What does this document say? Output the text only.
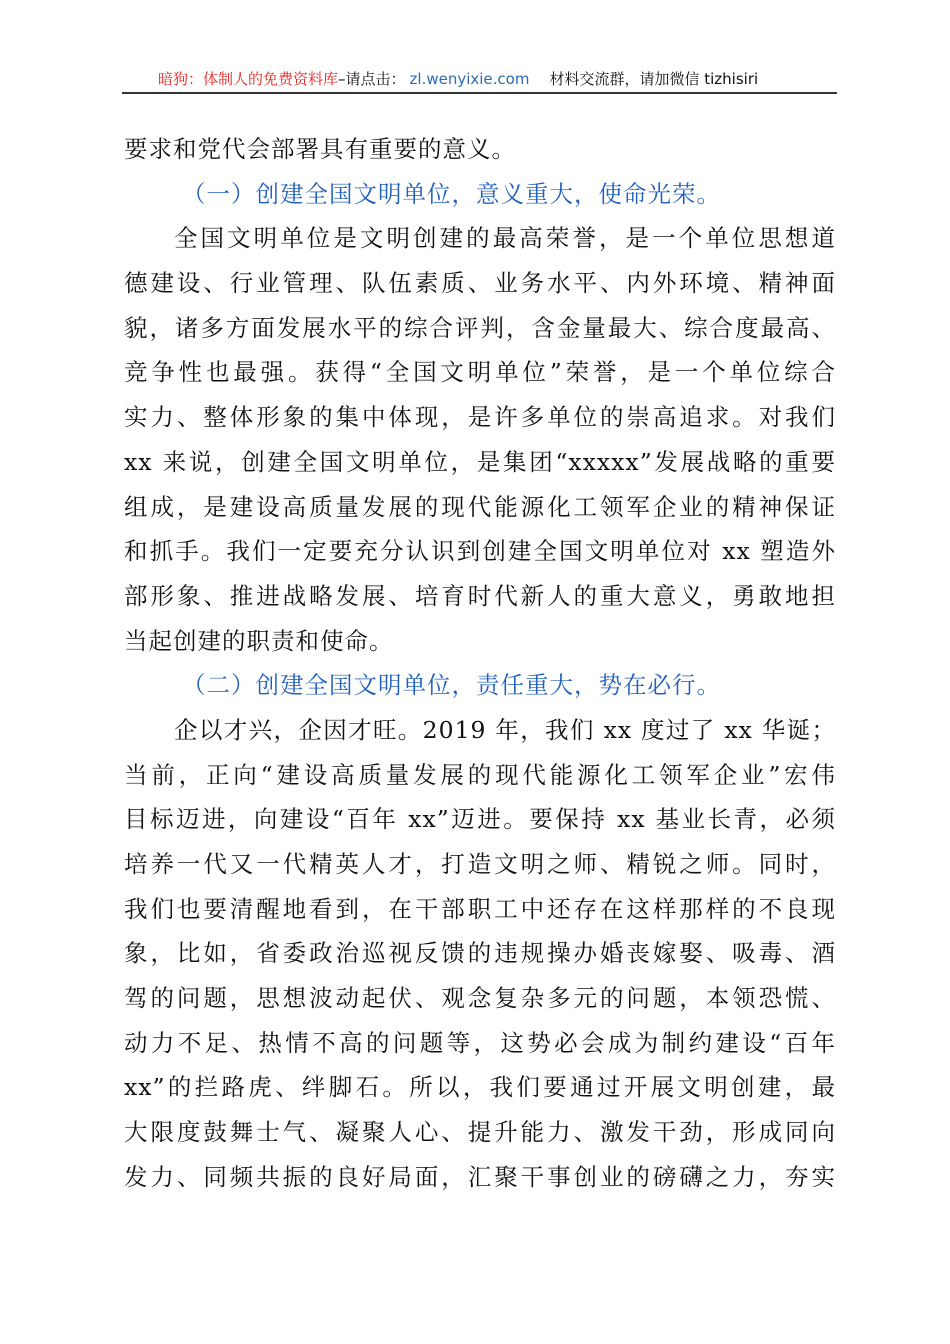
暗狗：体制人的免费资料库–请点击： zl.wenyixie.com 材料交流群，请加微信 tizhisiri
要求和党代会部署具有重要的意义。
（一）创建全国文明单位，意义重大，使命光荣。
全国文明单位是文明创建的最高荣誉，是一个单位思想道
德建设、行业管理、队伍素质、业务水平、内外环境、精神面
貌，诸多方面发展水平的综合评判，含金量最大、综合度最高、
竞争性也最强。获得“全国文明单位”荣誉，是一个单位综合
实力、整体形象的集中体现，是许多单位的崇高追求。对我们
xx 来说，创建全国文明单位，是集团“xxxxx”发展战略的重要
组成，是建设高质量发展的现代能源化工领军企业的精神保证
和抓手。我们一定要充分认识到创建全国文明单位对 xx 塑造外
部形象、推进战略发展、培育时代新人的重大意义，勇敢地担
当起创建的职责和使命。
（二）创建全国文明单位，责任重大，势在必行。
企以才兴，企因才旺。2019 年，我们 xx 度过了 xx 华诞；
当前，正向“建设高质量发展的现代能源化工领军企业”宏伟
目标迈进，向建设“百年 xx”迈进。要保持 xx 基业长青，必须
培养一代又一代精英人才，打造文明之师、精锐之师。同时，
我们也要清醒地看到，在干部职工中还存在这样那样的不良现
象，比如，省委政治巡视反馈的违规操办婚丧嫁娶、吸毒、酒
驾的问题，思想波动起伏、观念复杂多元的问题，本领恐慌、
动力不足、热情不高的问题等，这势必会成为制约建设“百年
xx”的拦路虎、绊脚石。所以，我们要通过开展文明创建，最
大限度鼓舞士气、凝聚人心、提升能力、激发干劲，形成同向
发力、同频共振的良好局面，汇聚干事创业的磅礴之力，夯实
